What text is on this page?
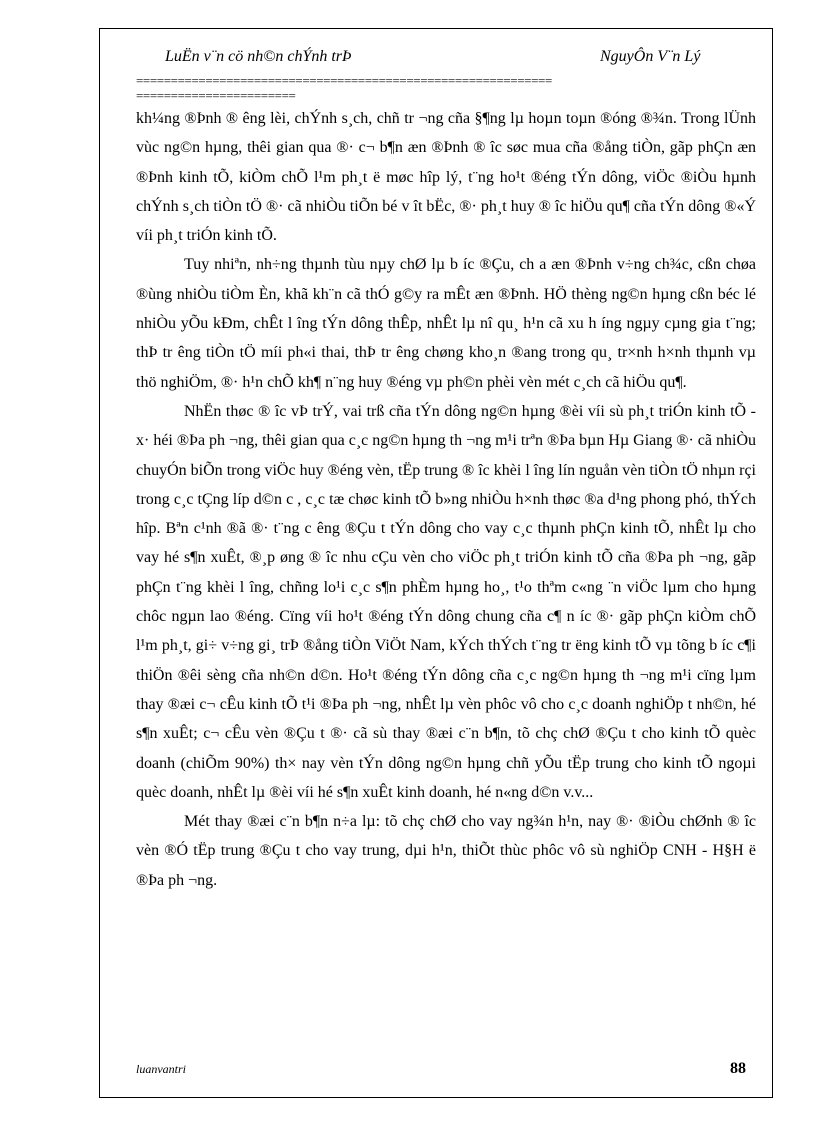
LuËn v¨n cö nh©n chÝnh trÞ	NguyÔn V¨n Lý
============================================================
=======================

kh¼ng ®Þnh ® êng lèi, chÝnh s¸ch, chñ tr ¬ng cña §¶ng lµ hoµn toµn ®óng ®¾n. Trong lÜnh vùc ng©n hµng, thêi gian qua ®· c¬ b¶n æn ®Þnh ® îc søc mua cña ®ång tiÒn, gãp phÇn æn ®Þnh kinh tÕ, kiÒm chÕ l¹m ph¸t ë møc hîp lý, t¨ng ho¹t ®éng tÝn dông, viÖc ®iÒu hµnh chÝnh s¸ch tiÒn tÖ ®· cã nhiÒu tiÕn bé v ît bËc, ®· ph¸t huy ® îc hiÖu qu¶ cña tÝn dông ®«Ý víi ph¸t triÓn kinh tÕ.

Tuy nhiªn, nh÷ng thµnh tùu nµy chØ lµ b íc ®Çu, ch a æn ®Þnh v÷ng ch¾c, cßn chøa ®ùng nhiÒu tiÒm Èn, khã kh¨n cã thÓ g©y ra mÊt æn ®Þnh. HÖ thèng ng©n hµng cßn béc lé nhiÒu yÕu kÐm, chÊt l îng tÝn dông thÊp, nhÊt lµ nî qu¸ h¹n cã xu h íng ngµy cµng gia t¨ng; thÞ tr êng tiÒn tÖ míi ph«i thai, thÞ tr êng chøng kho¸n ®ang trong qu¸ tr×nh h×nh thµnh vµ thö nghiÖm, ®· h¹n chÕ kh¶ n¨ng huy ®éng vµ ph©n phèi vèn mét c¸ch cã hiÖu qu¶.

NhËn thøc ® îc vÞ trÝ, vai trß cña tÝn dông ng©n hµng ®èi víi sù ph¸t triÓn kinh tÕ - x· héi ®Þa ph ¬ng, thêi gian qua c¸c ng©n hµng th ¬ng m¹i trªn ®Þa bµn Hµ Giang ®· cã nhiÒu chuyÓn biÕn trong viÖc huy ®éng vèn, tËp trung ® îc khèi l îng lín nguån vèn tiÒn tÖ nhµn rçi trong c¸c tÇng líp d©n c , c¸c tæ chøc kinh tÕ b»ng nhiÒu h×nh thøc ®a d¹ng phong phó, thÝch hîp. Bªn c¹nh ®ã ®· t¨ng c êng ®Çu t tÝn dông cho vay c¸c thµnh phÇn kinh tÕ, nhÊt lµ cho vay hé s¶n xuÊt, ®¸p øng ® îc nhu cÇu vèn cho viÖc ph¸t triÓn kinh tÕ cña ®Þa ph ¬ng, gãp phÇn t¨ng khèi l îng, chñng lo¹i c¸c s¶n phÈm hµng ho¸, t¹o thªm c«ng ¨n viÖc lµm cho hµng chôc ngµn lao ®éng. Cïng víi ho¹t ®éng tÝn dông chung cña c¶ n íc ®· gãp phÇn kiÒm chÕ l¹m ph¸t, gi÷ v÷ng gi¸ trÞ ®ång tiÒn ViÖt Nam, kÝch thÝch t¨ng tr ëng kinh tÕ vµ tõng b íc c¶i thiÖn ®êi sèng cña nh©n d©n. Ho¹t ®éng tÝn dông cña c¸c ng©n hµng th ¬ng m¹i cïng lµm thay ®æi c¬ cÊu kinh tÕ t¹i ®Þa ph ¬ng, nhÊt lµ vèn phôc vô cho c¸c doanh nghiÖp t nh©n, hé s¶n xuÊt; c¬ cÊu vèn ®Çu t ®· cã sù thay ®æi c¨n b¶n, tõ chç chØ ®Çu t cho kinh tÕ quèc doanh (chiÕm 90%) th× nay vèn tÝn dông ng©n hµng chñ yÕu tËp trung cho kinh tÕ ngoµi quèc doanh, nhÊt lµ ®èi víi hé s¶n xuÊt kinh doanh, hé n«ng d©n v.v...

Mét thay ®æi c¨n b¶n n÷a lµ: tõ chç chØ cho vay ng¾n h¹n, nay ®· ®iÒu chØnh ® îc vèn ®Ó tËp trung ®Çu t cho vay trung, dµi h¹n, thiÕt thùc phôc vô sù nghiÖp CNH - H§H ë ®Þa ph ¬ng.

luanvantri	88
